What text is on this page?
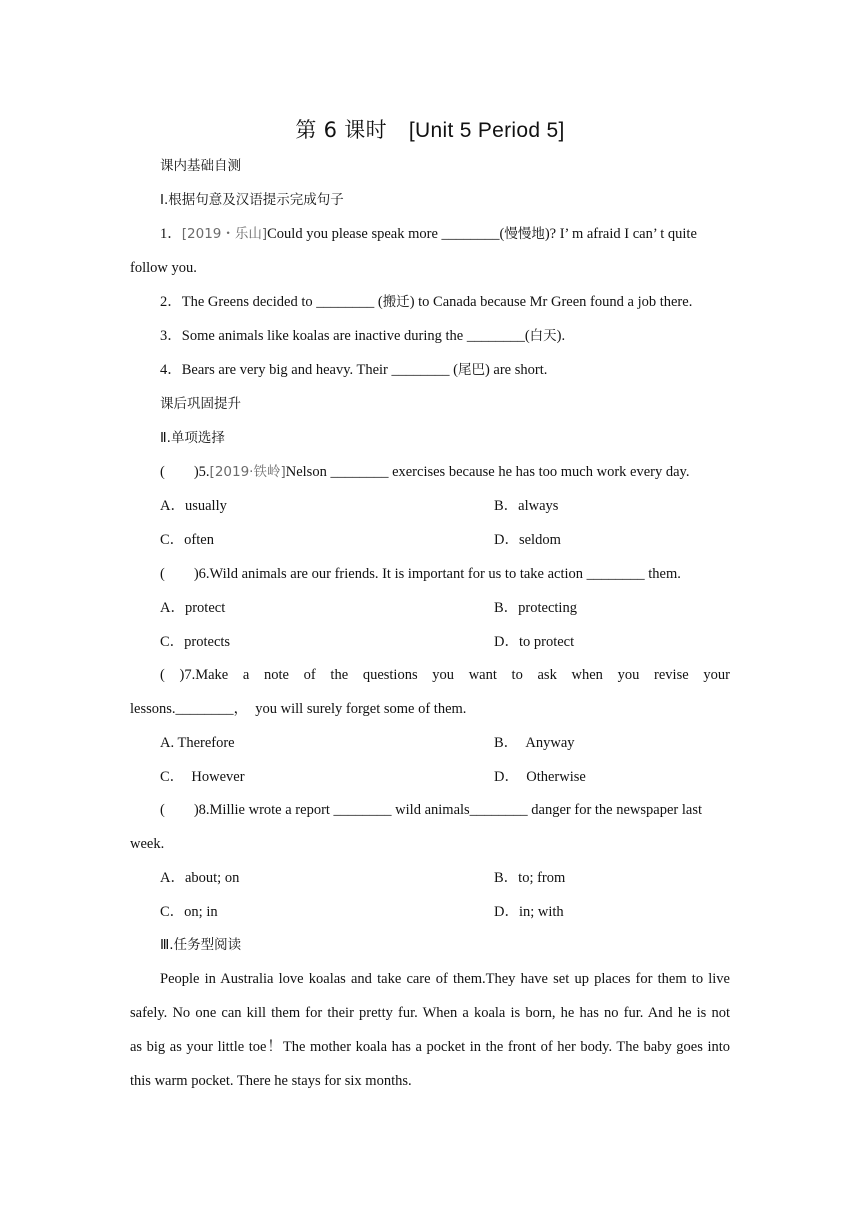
第 6 课时 [Unit 5 Period 5]
课内基础自测
Ⅰ.根据句意及汉语提示完成句子
1．[2019・乐山]Could you please speak more ________(慢慢地)? I’ m afraid I can’ t quite
follow you.
2．The Greens decided to ________ (搬迁) to Canada because Mr Green found a job there.
3．Some animals like koalas are inactive during the ________(白天).
4．Bears are very big and heavy. Their ________ (尾巴) are short.
课后巩固提升
Ⅱ.单项选择
(　　)5.[2019·铁岭]Nelson ________ exercises because he has too much work every day.
A．usually	B．always
C．often	D．seldom
(　　)6.Wild animals are our friends. It is important for us to take action ________ them.
A．protect	B．protecting
C．protects	D．to protect
( )7.Make a note of the questions you want to ask when you revise your
lessons.________，　you will surely forget some of them.
A. Therefore	B．　Anyway
C．　However	D．　Otherwise
(　　)8.Millie wrote a report ________ wild animals________ danger for the newspaper last
week.
A．about; on	B．to; from
C．on; in	D．in; with
Ⅲ.任务型阅读
People in Australia love koalas and take care of them.They have set up places for them to live
safely. No one can kill them for their pretty fur. When a koala is born, he has no fur. And he is not
as big as your little toe！The mother koala has a pocket in the front of her body. The baby goes into
this warm pocket. There he stays for six months.
